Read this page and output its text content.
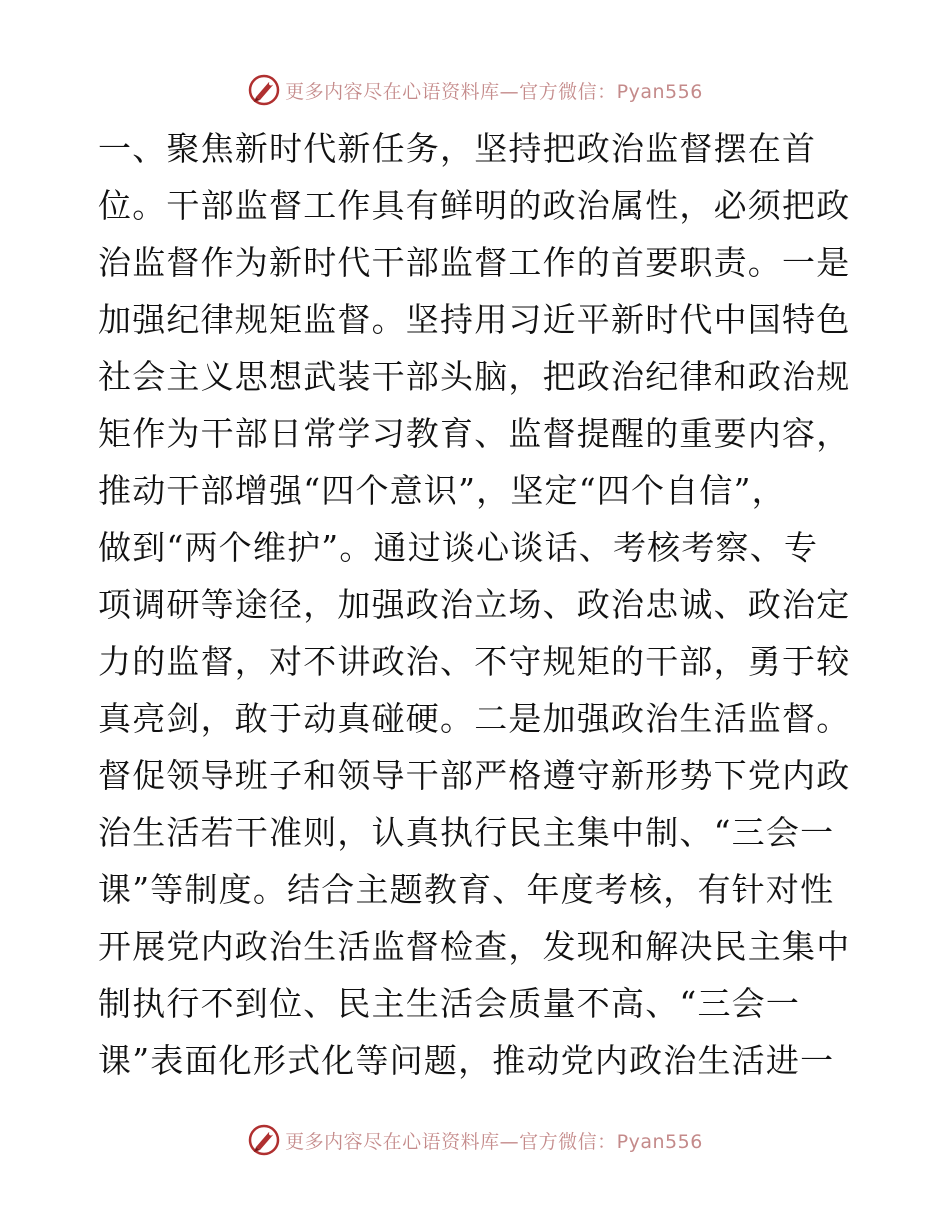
更多内容尽在心语资料库—官方微信：Pyan556
一、聚焦新时代新任务，坚持把政治监督摆在首
位。干部监督工作具有鲜明的政治属性，必须把政
治监督作为新时代干部监督工作的首要职责。一是
加强纪律规矩监督。坚持用习近平新时代中国特色
社会主义思想武装干部头脑，把政治纪律和政治规
矩作为干部日常学习教育、监督提醒的重要内容，
推动干部增强“四个意识”，坚定“四个自信”，
做到“两个维护”。通过谈心谈话、考核考察、专
项调研等途径，加强政治立场、政治忠诚、政治定
力的监督，对不讲政治、不守规矩的干部，勇于较
真亮剑，敢于动真碰硬。二是加强政治生活监督。
督促领导班子和领导干部严格遵守新形势下党内政
治生活若干准则，认真执行民主集中制、“三会一
课”等制度。结合主题教育、年度考核，有针对性
开展党内政治生活监督检查，发现和解决民主集中
制执行不到位、民主生活会质量不高、“三会一
课”表面化形式化等问题，推动党内政治生活进一
更多内容尽在心语资料库—官方微信：Pyan556
